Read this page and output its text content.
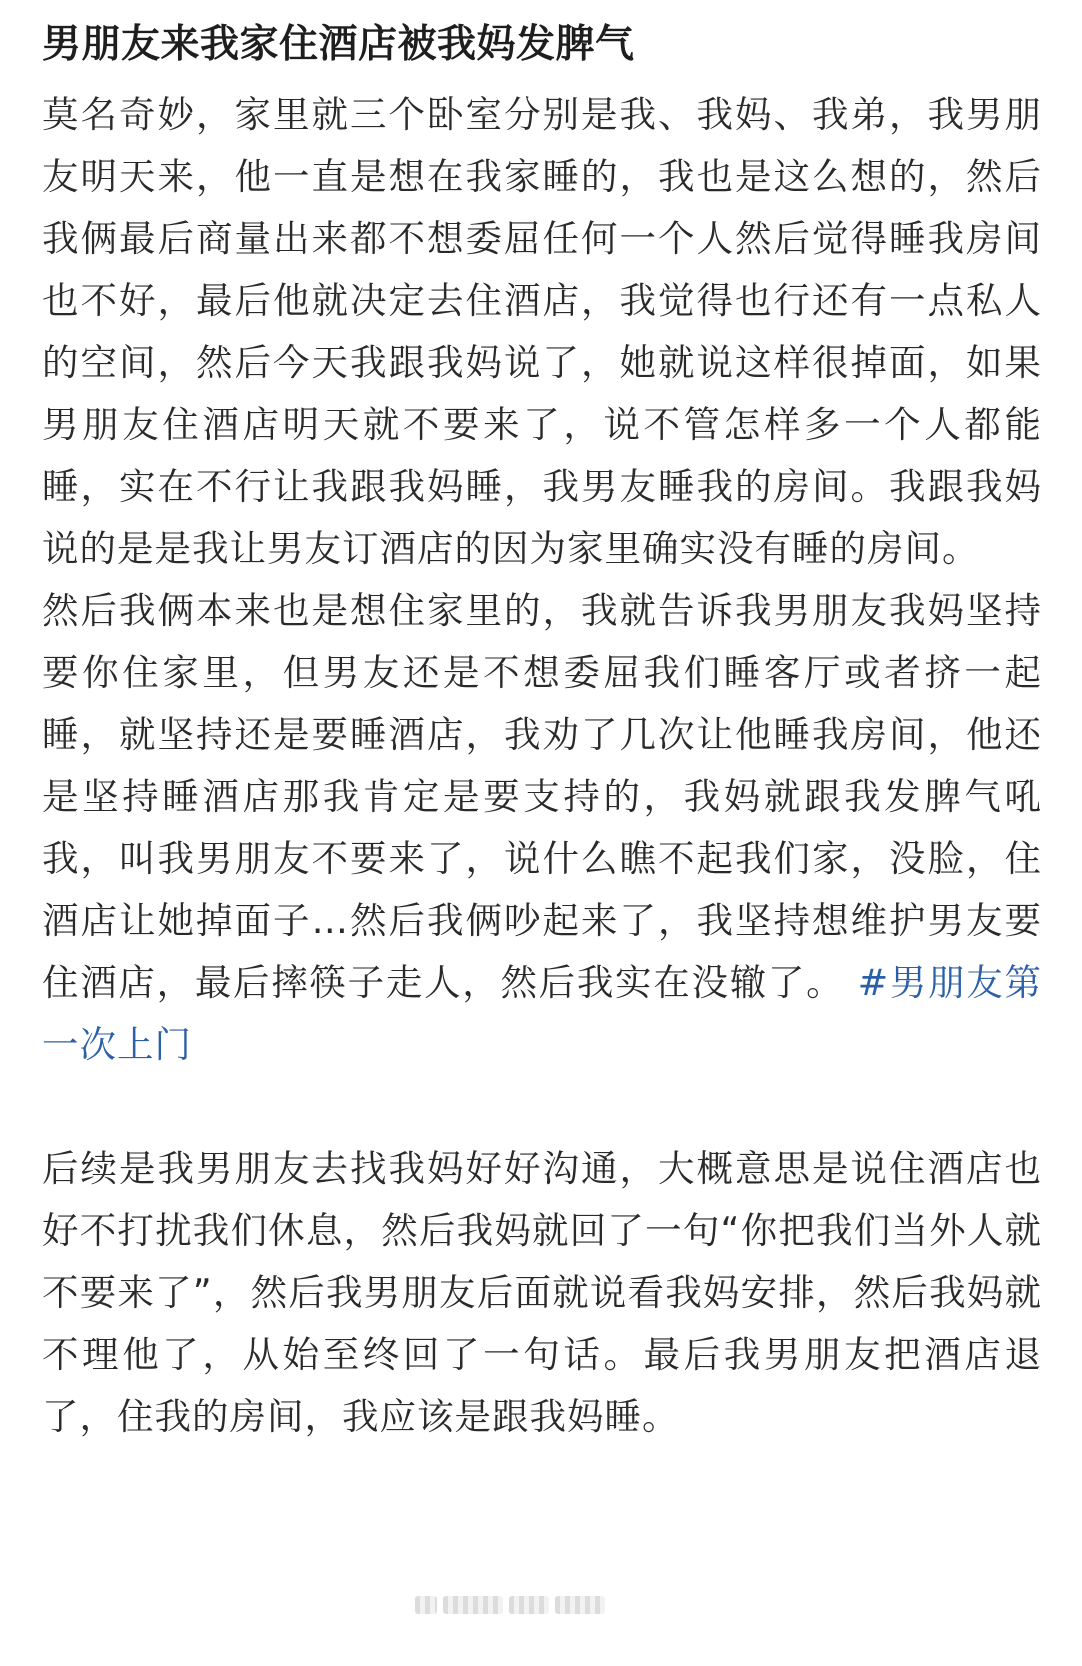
男朋友来我家住酒店被我妈发脾气

莫名奇妙，家里就三个卧室分别是我、我妈、我弟，我男朋友明天来，他一直是想在我家睡的，我也是这么想的，然后我俩最后商量出来都不想委屈任何一个人然后觉得睡我房间也不好，最后他就决定去住酒店，我觉得也行还有一点私人的空间，然后今天我跟我妈说了，她就说这样很掉面，如果男朋友住酒店明天就不要来了，说不管怎样多一个人都能睡，实在不行让我跟我妈睡，我男友睡我的房间。我跟我妈说的是是我让男友订酒店的因为家里确实没有睡的房间。

然后我俩本来也是想住家里的，我就告诉我男朋友我妈坚持要你住家里，但男友还是不想委屈我们睡客厅或者挤一起睡，就坚持还是要睡酒店，我劝了几次让他睡我房间，他还是坚持睡酒店那我肯定是要支持的，我妈就跟我发脾气吼我，叫我男朋友不要来了，说什么瞧不起我们家，没脸，住酒店让她掉面子…然后我俩吵起来了，我坚持想维护男友要住酒店，最后摔筷子走人，然后我实在没辙了。 #男朋友第一次上门

后续是我男朋友去找我妈好好沟通，大概意思是说住酒店也好不打扰我们休息，然后我妈就回了一句“你把我们当外人就不要来了”，然后我男朋友后面就说看我妈安排，然后我妈就不理他了，从始至终回了一句话。最后我男朋友把酒店退了，住我的房间，我应该是跟我妈睡。
